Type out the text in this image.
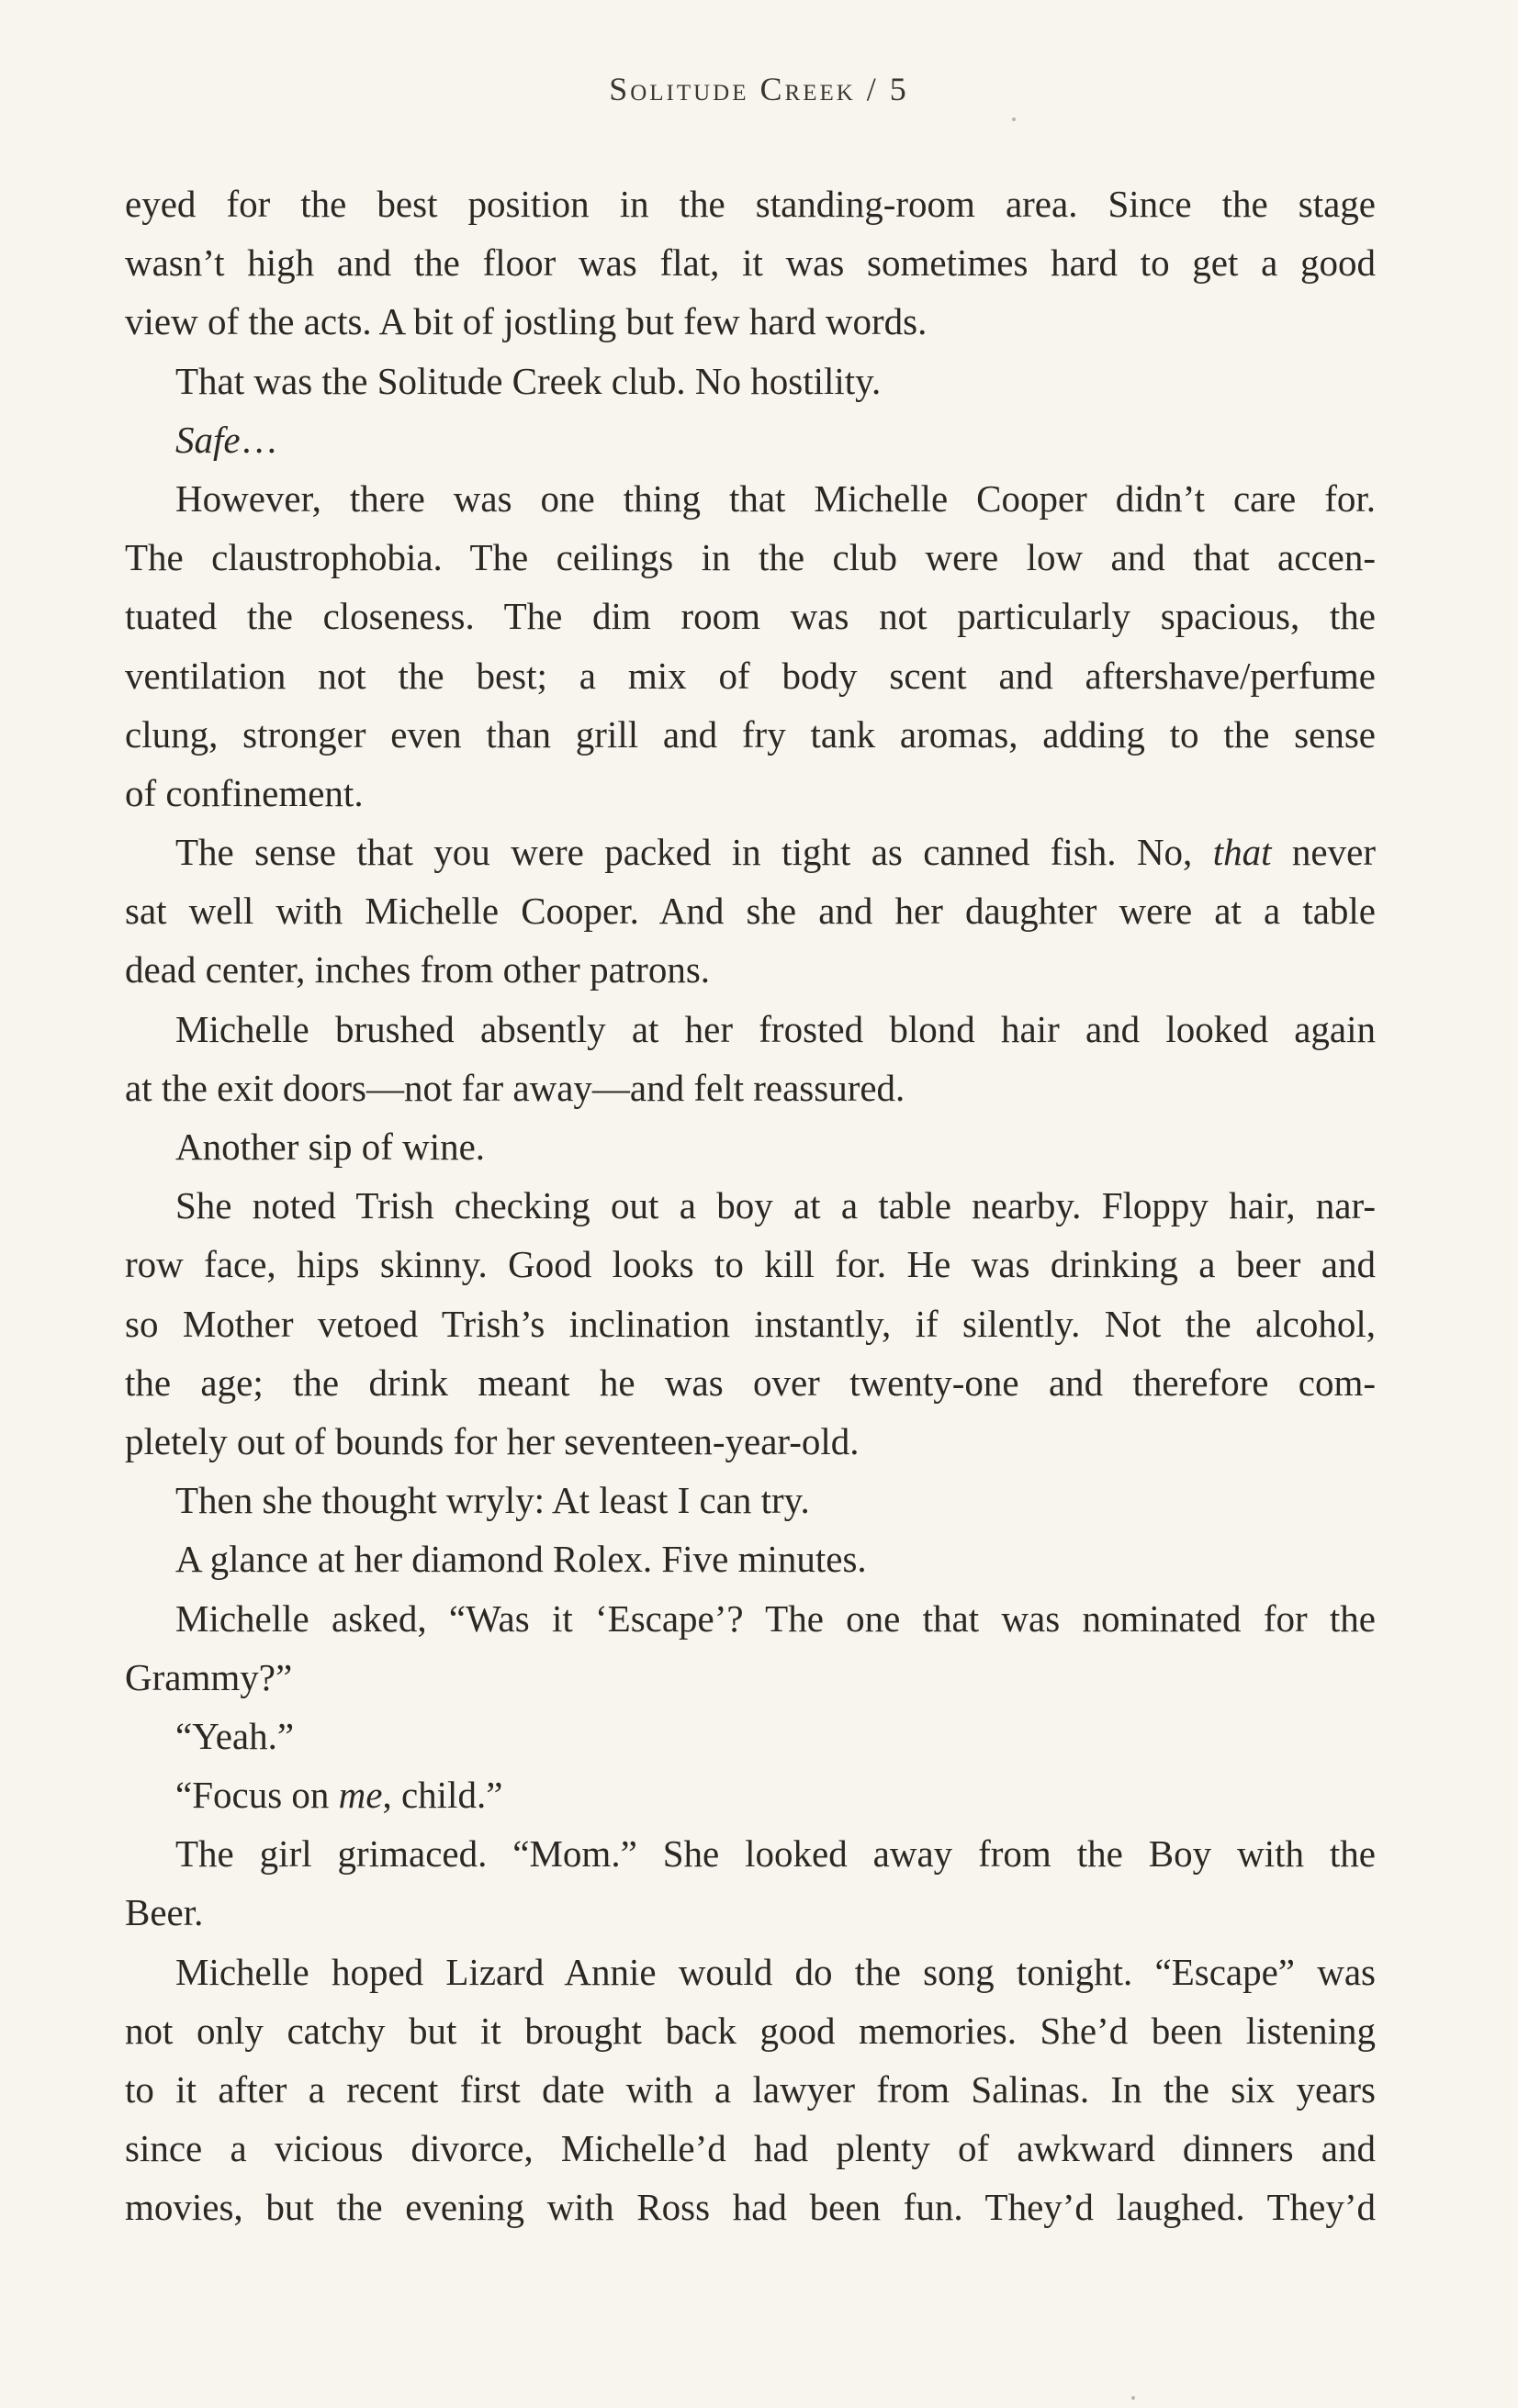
Solitude Creek / 5
eyed for the best position in the standing-room area. Since the stage
wasn’t high and the floor was flat, it was sometimes hard to get a good
view of the acts. A bit of jostling but few hard words.
That was the Solitude Creek club. No hostility.
Safe…
However, there was one thing that Michelle Cooper didn’t care for.
The claustrophobia. The ceilings in the club were low and that accen-
tuated the closeness. The dim room was not particularly spacious, the
ventilation not the best; a mix of body scent and aftershave/perfume
clung, stronger even than grill and fry tank aromas, adding to the sense
of confinement.
The sense that you were packed in tight as canned fish. No, that never
sat well with Michelle Cooper. And she and her daughter were at a table
dead center, inches from other patrons.
Michelle brushed absently at her frosted blond hair and looked again
at the exit doors—not far away—and felt reassured.
Another sip of wine.
She noted Trish checking out a boy at a table nearby. Floppy hair, nar-
row face, hips skinny. Good looks to kill for. He was drinking a beer and
so Mother vetoed Trish’s inclination instantly, if silently. Not the alcohol,
the age; the drink meant he was over twenty-one and therefore com-
pletely out of bounds for her seventeen-year-old.
Then she thought wryly: At least I can try.
A glance at her diamond Rolex. Five minutes.
Michelle asked, “Was it ‘Escape’? The one that was nominated for the
Grammy?”
“Yeah.”
“Focus on me, child.”
The girl grimaced. “Mom.” She looked away from the Boy with the
Beer.
Michelle hoped Lizard Annie would do the song tonight. “Escape” was
not only catchy but it brought back good memories. She’d been listening
to it after a recent first date with a lawyer from Salinas. In the six years
since a vicious divorce, Michelle’d had plenty of awkward dinners and
movies, but the evening with Ross had been fun. They’d laughed. They’d
